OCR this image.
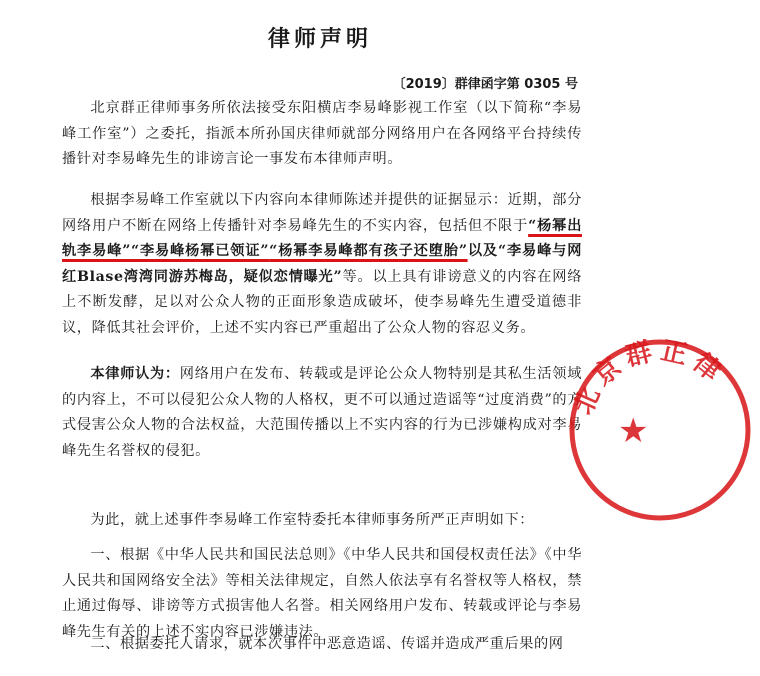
律师声明
〔2019〕群律函字第 0305 号

北京群正律师事务所依法接受东阳横店李易峰影视工作室（以下简称“李易峰工作室”）之委托，指派本所孙国庆律师就部分网络用户在各网络平台持续传播针对李易峰先生的诽谤言论一事发布本律师声明。

根据李易峰工作室就以下内容向本律师陈述并提供的证据显示：近期，部分网络用户不断在网络上传播针对李易峰先生的不实内容，包括但不限于“杨幂出轨李易峰”“李易峰杨幂已领证”“杨幂李易峰都有孩子还堕胎”以及“李易峰与网红Blase湾湾同游苏梅岛，疑似恋情曝光”等。以上具有诽谤意义的内容在网络上不断发酵，足以对公众人物的正面形象造成破坏，使李易峰先生遭受道德非议，降低其社会评价，上述不实内容已严重超出了公众人物的容忍义务。

本律师认为：网络用户在发布、转载或是评论公众人物特别是其私生活领域的内容上，不可以侵犯公众人物的人格权，更不可以通过造谣等“过度消费”的方式侵害公众人物的合法权益，大范围传播以上不实内容的行为已涉嫌构成对李易峰先生名誉权的侵犯。

为此，就上述事件李易峰工作室特委托本律师事务所严正声明如下：

一、根据《中华人民共和国民法总则》《中华人民共和国侵权责任法》《中华人民共和国网络安全法》等相关法律规定，自然人依法享有名誉权等人格权，禁止通过侮辱、诽谤等方式损害他人名誉。相关网络用户发布、转载或评论与李易峰先生有关的上述不实内容已涉嫌违法。

二、根据委托人请求，就本次事件中恶意造谣、传谣并造成严重后果的网

北京群正律
★
